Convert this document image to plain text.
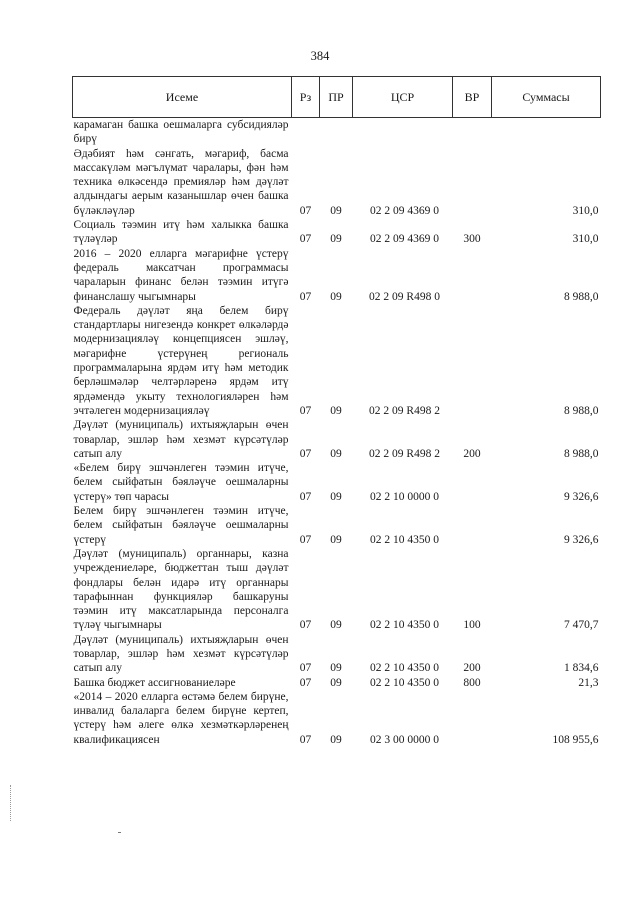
384
Исеме	Рз	ПР	ЦСР	ВР	Суммасы
карамаган башка оешмаларга субсидияләр бирү					
Әдәбият һәм сәнгать, мәгариф, басма массакүләм мәгълүмат чаралары, фән һәм техника өлкәсендә премияләр һәм дәүләт алдындагы аерым казанышлар өчен башка бүләкләүләр	07	09	02 2 09 4369 0		310,0
Социаль тәэмин итү һәм халыкка башка түләүләр	07	09	02 2 09 4369 0	300	310,0
2016 – 2020 елларга мәгарифне үстерү федераль максатчан программасы чараларын финанс белән тәэмин итүгә финанслашу чыгымнары	07	09	02 2 09 R498 0		8 988,0
Федераль дәүләт яңа белем бирү стандартлары нигезендә конкрет өлкәләрдә модернизацияләү концепциясен эшләү, мәгарифне үстерүнең региональ программаларына ярдәм итү һәм методик берләшмәләр челтәрләренә ярдәм итү ярдәмендә укыту технологияләрен һәм эчтәлеген модернизацияләү	07	09	02 2 09 R498 2		8 988,0
Дәүләт (муниципаль) ихтыяҗларын өчен товарлар, эшләр һәм хезмәт күрсәтүләр сатып алу	07	09	02 2 09 R498 2	200	8 988,0
«Белем бирү эшчәнлеген тәэмин итүче, белем сыйфатын бәяләүче оешмаларны үстерү» төп чарасы	07	09	02 2 10 0000 0		9 326,6
Белем бирү эшчәнлеген тәэмин итүче, белем сыйфатын бәяләүче оешмаларны үстерү	07	09	02 2 10 4350 0		9 326,6
Дәүләт (муниципаль) органнары, казна учреждениеләре, бюджеттан тыш дәүләт фондлары белән идарә итү органнары тарафыннан функцияләр башкаруны тәэмин итү максатларында персоналга түләү чыгымнары	07	09	02 2 10 4350 0	100	7 470,7
Дәүләт (муниципаль) ихтыяҗларын өчен товарлар, эшләр һәм хезмәт күрсәтүләр сатып алу	07	09	02 2 10 4350 0	200	1 834,6
Башка бюджет ассигнованиеләре	07	09	02 2 10 4350 0	800	21,3
«2014 – 2020 елларга өстәмә белем бирүне, инвалид балаларга белем бирүне кертеп, үстерү һәм әлеге өлкә хезмәткәрләренең квалификациясен	07	09	02 3 00 0000 0		108 955,6
